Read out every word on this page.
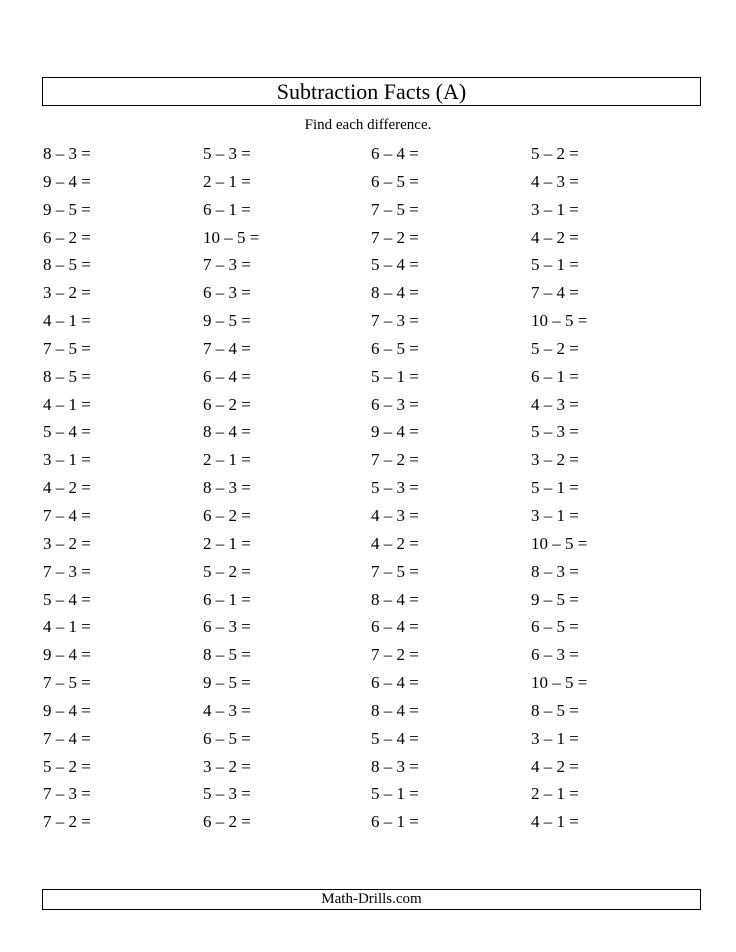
Subtraction Facts (A)
Find each difference.
8 – 3 =	5 – 3 =	6 – 4 =	5 – 2 =
9 – 4 =	2 – 1 =	6 – 5 =	4 – 3 =
9 – 5 =	6 – 1 =	7 – 5 =	3 – 1 =
6 – 2 =	10 – 5 =	7 – 2 =	4 – 2 =
8 – 5 =	7 – 3 =	5 – 4 =	5 – 1 =
3 – 2 =	6 – 3 =	8 – 4 =	7 – 4 =
4 – 1 =	9 – 5 =	7 – 3 =	10 – 5 =
7 – 5 =	7 – 4 =	6 – 5 =	5 – 2 =
8 – 5 =	6 – 4 =	5 – 1 =	6 – 1 =
4 – 1 =	6 – 2 =	6 – 3 =	4 – 3 =
5 – 4 =	8 – 4 =	9 – 4 =	5 – 3 =
3 – 1 =	2 – 1 =	7 – 2 =	3 – 2 =
4 – 2 =	8 – 3 =	5 – 3 =	5 – 1 =
7 – 4 =	6 – 2 =	4 – 3 =	3 – 1 =
3 – 2 =	2 – 1 =	4 – 2 =	10 – 5 =
7 – 3 =	5 – 2 =	7 – 5 =	8 – 3 =
5 – 4 =	6 – 1 =	8 – 4 =	9 – 5 =
4 – 1 =	6 – 3 =	6 – 4 =	6 – 5 =
9 – 4 =	8 – 5 =	7 – 2 =	6 – 3 =
7 – 5 =	9 – 5 =	6 – 4 =	10 – 5 =
9 – 4 =	4 – 3 =	8 – 4 =	8 – 5 =
7 – 4 =	6 – 5 =	5 – 4 =	3 – 1 =
5 – 2 =	3 – 2 =	8 – 3 =	4 – 2 =
7 – 3 =	5 – 3 =	5 – 1 =	2 – 1 =
7 – 2 =	6 – 2 =	6 – 1 =	4 – 1 =
Math-Drills.com
